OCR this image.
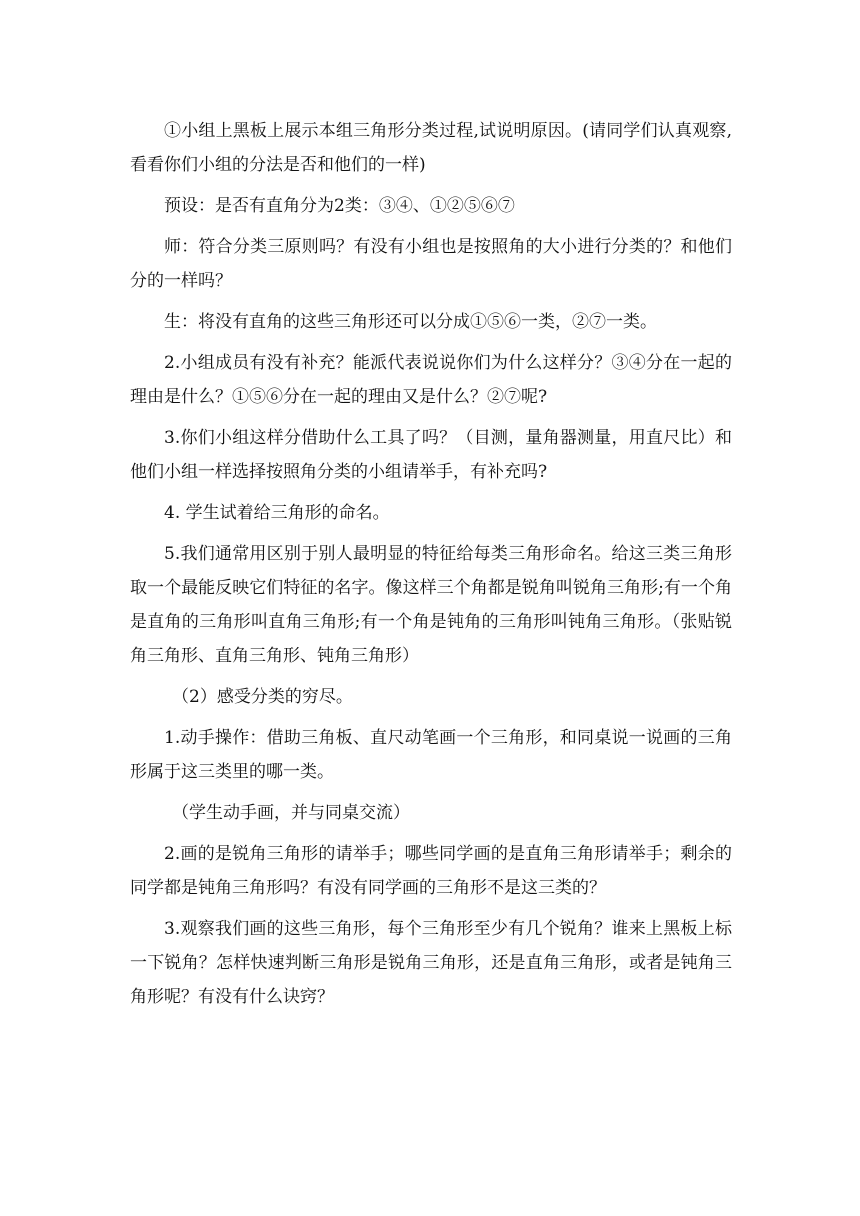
①小组上黑板上展示本组三角形分类过程,试说明原因。(请同学们认真观察,看看你们小组的分法是否和他们的一样)

预设：是否有直角分为2类：③④、①②⑤⑥⑦

师：符合分类三原则吗？有没有小组也是按照角的大小进行分类的？和他们分的一样吗？

生：将没有直角的这些三角形还可以分成①⑤⑥一类，②⑦一类。

2.小组成员有没有补充？能派代表说说你们为什么这样分？③④分在一起的理由是什么？①⑤⑥分在一起的理由又是什么？②⑦呢?

3.你们小组这样分借助什么工具了吗？（目测，量角器测量，用直尺比）和他们小组一样选择按照角分类的小组请举手，有补充吗?

4. 学生试着给三角形的命名。

5.我们通常用区别于别人最明显的特征给每类三角形命名。给这三类三角形取一个最能反映它们特征的名字。像这样三个角都是锐角叫锐角三角形;有一个角是直角的三角形叫直角三角形;有一个角是钝角的三角形叫钝角三角形。（张贴锐角三角形、直角三角形、钝角三角形）

（2）感受分类的穷尽。

1.动手操作：借助三角板、直尺动笔画一个三角形，和同桌说一说画的三角形属于这三类里的哪一类。

（学生动手画，并与同桌交流）

2.画的是锐角三角形的请举手；哪些同学画的是直角三角形请举手；剩余的同学都是钝角三角形吗？有没有同学画的三角形不是这三类的？

3.观察我们画的这些三角形，每个三角形至少有几个锐角？谁来上黑板上标一下锐角？怎样快速判断三角形是锐角三角形，还是直角三角形，或者是钝角三角形呢？有没有什么诀窍？
